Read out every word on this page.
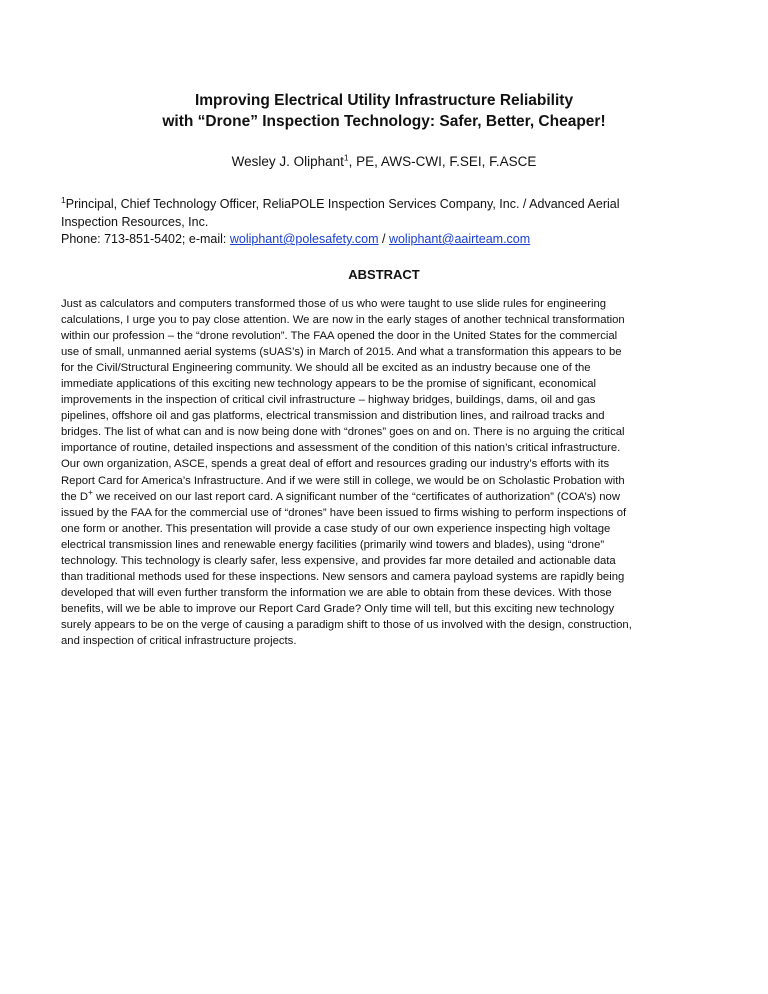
Improving Electrical Utility Infrastructure Reliability
with “Drone” Inspection Technology: Safer, Better, Cheaper!
Wesley J. Oliphant$^1$, PE, AWS-CWI, F.SEI, F.ASCE
$^1$Principal, Chief Technology Officer, ReliaPOLE Inspection Services Company, Inc. / Advanced Aerial
Inspection Resources, Inc.
Phone: 713-851-5402; e-mail: woliphant@polesafety.com / woliphant@aairteam.com
ABSTRACT
Just as calculators and computers transformed those of us who were taught to use slide rules for engineering
calculations, I urge you to pay close attention. We are now in the early stages of another technical transformation
within our profession – the “drone revolution”. The FAA opened the door in the United States for the commercial
use of small, unmanned aerial systems (sUAS’s) in March of 2015. And what a transformation this appears to be
for the Civil/Structural Engineering community. We should all be excited as an industry because one of the
immediate applications of this exciting new technology appears to be the promise of significant, economical
improvements in the inspection of critical civil infrastructure – highway bridges, buildings, dams, oil and gas
pipelines, offshore oil and gas platforms, electrical transmission and distribution lines, and railroad tracks and
bridges. The list of what can and is now being done with “drones” goes on and on. There is no arguing the critical
importance of routine, detailed inspections and assessment of the condition of this nation’s critical infrastructure.
Our own organization, ASCE, spends a great deal of effort and resources grading our industry’s efforts with its
Report Card for America’s Infrastructure. And if we were still in college, we would be on Scholastic Probation with
the D+ we received on our last report card. A significant number of the “certificates of authorization” (COA’s) now
issued by the FAA for the commercial use of “drones” have been issued to firms wishing to perform inspections of
one form or another. This presentation will provide a case study of our own experience inspecting high voltage
electrical transmission lines and renewable energy facilities (primarily wind towers and blades), using “drone”
technology. This technology is clearly safer, less expensive, and provides far more detailed and actionable data
than traditional methods used for these inspections. New sensors and camera payload systems are rapidly being
developed that will even further transform the information we are able to obtain from these devices. With those
benefits, will we be able to improve our Report Card Grade? Only time will tell, but this exciting new technology
surely appears to be on the verge of causing a paradigm shift to those of us involved with the design, construction,
and inspection of critical infrastructure projects.
